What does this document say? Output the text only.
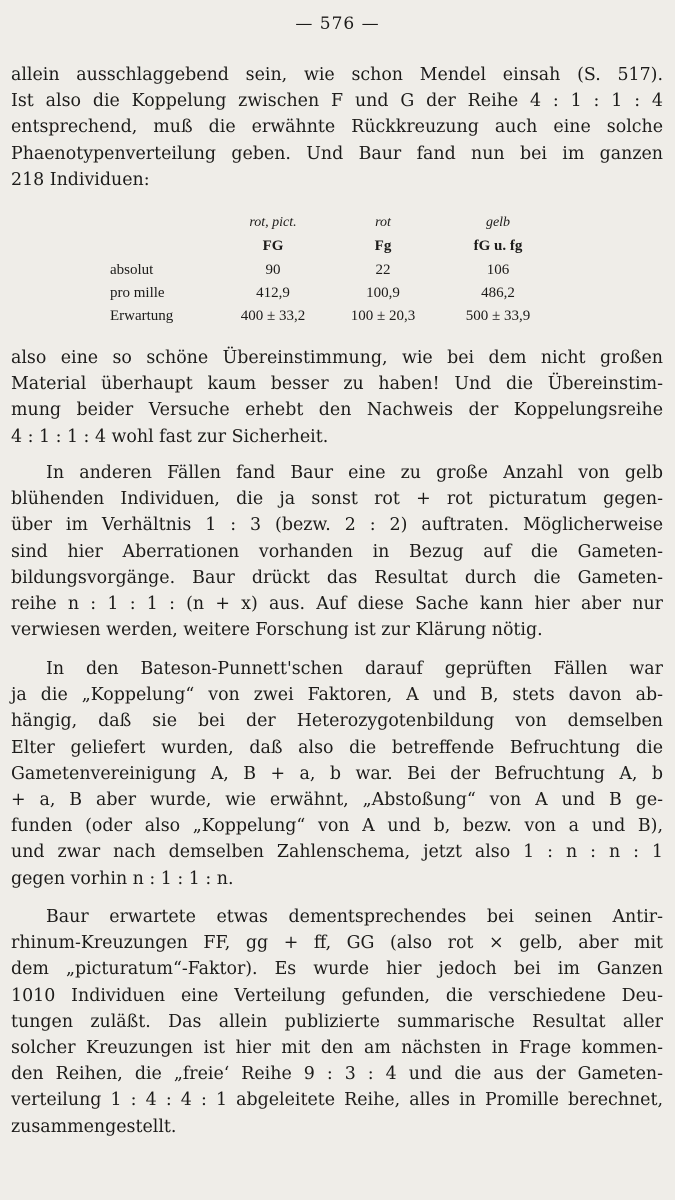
— 576 —
allein ausschlaggebend sein, wie schon Mendel einsah (S. 517).
Ist also die Koppelung zwischen F und G der Reihe 4 : 1 : 1 : 4
entsprechend, muß die erwähnte Rückkreuzung auch eine solche
Phaenotypenverteilung geben. Und Baur fand nun bei im ganzen
218 Individuen:
	rot, pict.	rot	gelb
	FG	Fg	fG u. fg
absolut	90	22	106
pro mille	412,9	100,9	486,2
Erwartung	400 ± 33,2	100 ± 20,3	500 ± 33,9
also eine so schöne Übereinstimmung, wie bei dem nicht großen
Material überhaupt kaum besser zu haben! Und die Übereinstim-
mung beider Versuche erhebt den Nachweis der Koppelungsreihe
4 : 1 : 1 : 4 wohl fast zur Sicherheit.
In anderen Fällen fand Baur eine zu große Anzahl von gelb
blühenden Individuen, die ja sonst rot + rot picturatum gegen-
über im Verhältnis 1 : 3 (bezw. 2 : 2) auftraten. Möglicherweise
sind hier Aberrationen vorhanden in Bezug auf die Gameten-
bildungsvorgänge. Baur drückt das Resultat durch die Gameten-
reihe n : 1 : 1 : (n + x) aus. Auf diese Sache kann hier aber nur
verwiesen werden, weitere Forschung ist zur Klärung nötig.
In den Bateson-Punnett'schen darauf geprüften Fällen war
ja die „Koppelung“ von zwei Faktoren, A und B, stets davon ab-
hängig, daß sie bei der Heterozygotenbildung von demselben
Elter geliefert wurden, daß also die betreffende Befruchtung die
Gametenvereinigung A, B + a, b war. Bei der Befruchtung A, b
+ a, B aber wurde, wie erwähnt, „Abstoßung“ von A und B ge-
funden (oder also „Koppelung“ von A und b, bezw. von a und B),
und zwar nach demselben Zahlenschema, jetzt also 1 : n : n : 1
gegen vorhin n : 1 : 1 : n.
Baur erwartete etwas dementsprechendes bei seinen Antir-
rhinum-Kreuzungen FF, gg + ff, GG (also rot × gelb, aber mit
dem „picturatum“-Faktor). Es wurde hier jedoch bei im Ganzen
1010 Individuen eine Verteilung gefunden, die verschiedene Deu-
tungen zuläßt. Das allein publizierte summarische Resultat aller
solcher Kreuzungen ist hier mit den am nächsten in Frage kommen-
den Reihen, die „freie‘ Reihe 9 : 3 : 4 und die aus der Gameten-
verteilung 1 : 4 : 4 : 1 abgeleitete Reihe, alles in Promille berechnet,
zusammengestellt.
